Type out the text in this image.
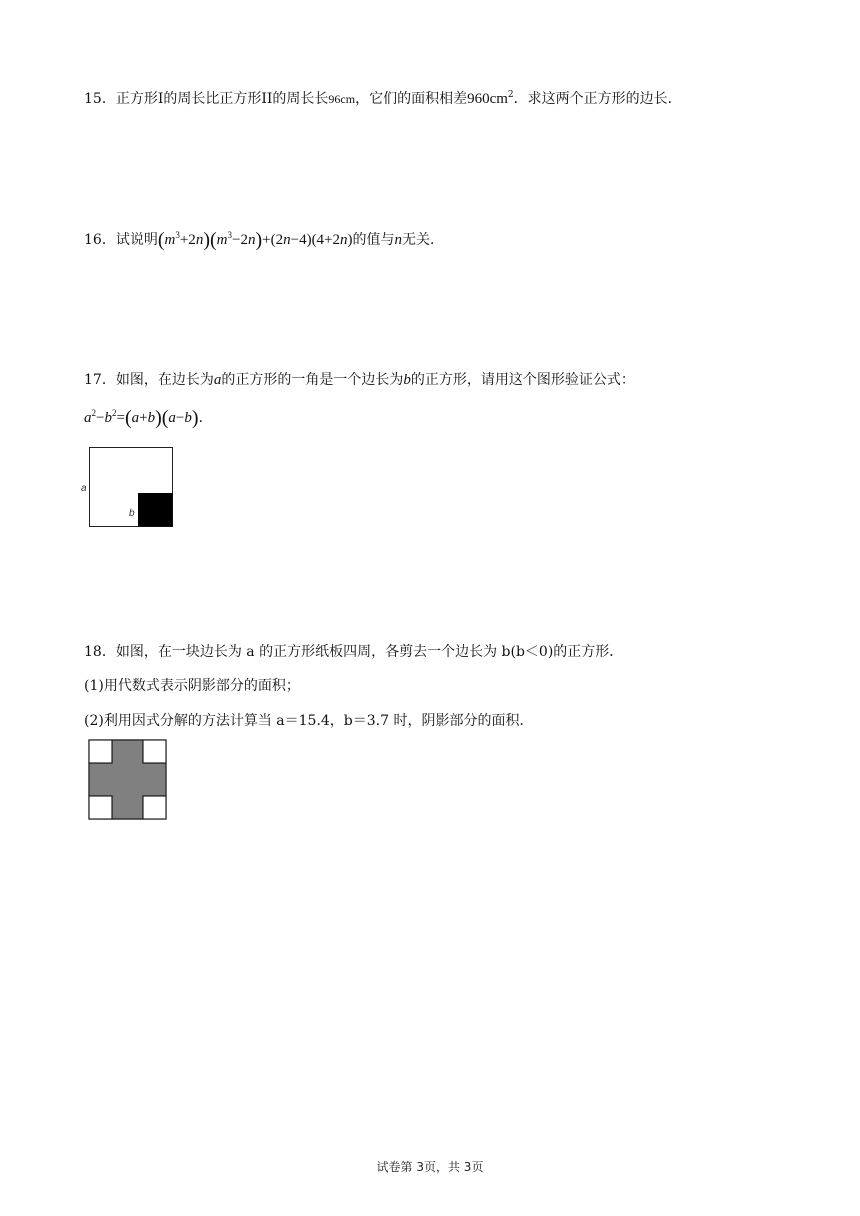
15．正方形I的周长比正方形II的周长长96cm，它们的面积相差$960cm^2$．求这两个正方形的边长．
16．试说明$(m^3+2n)(m^3-2n)+(2n-4)(4+2n)$的值与n无关．
17．如图，在边长为a的正方形的一角是一个边长为b的正方形，请用这个图形验证公式：
$a^2-b^2=(a+b)(a-b)$．
a
b
18．如图，在一块边长为 a 的正方形纸板四周，各剪去一个边长为 b(b＜0)的正方形．
(1)用代数式表示阴影部分的面积；
(2)利用因式分解的方法计算当 a＝15.4，b＝3.7 时，阴影部分的面积．
试卷第 3页，共 3页
